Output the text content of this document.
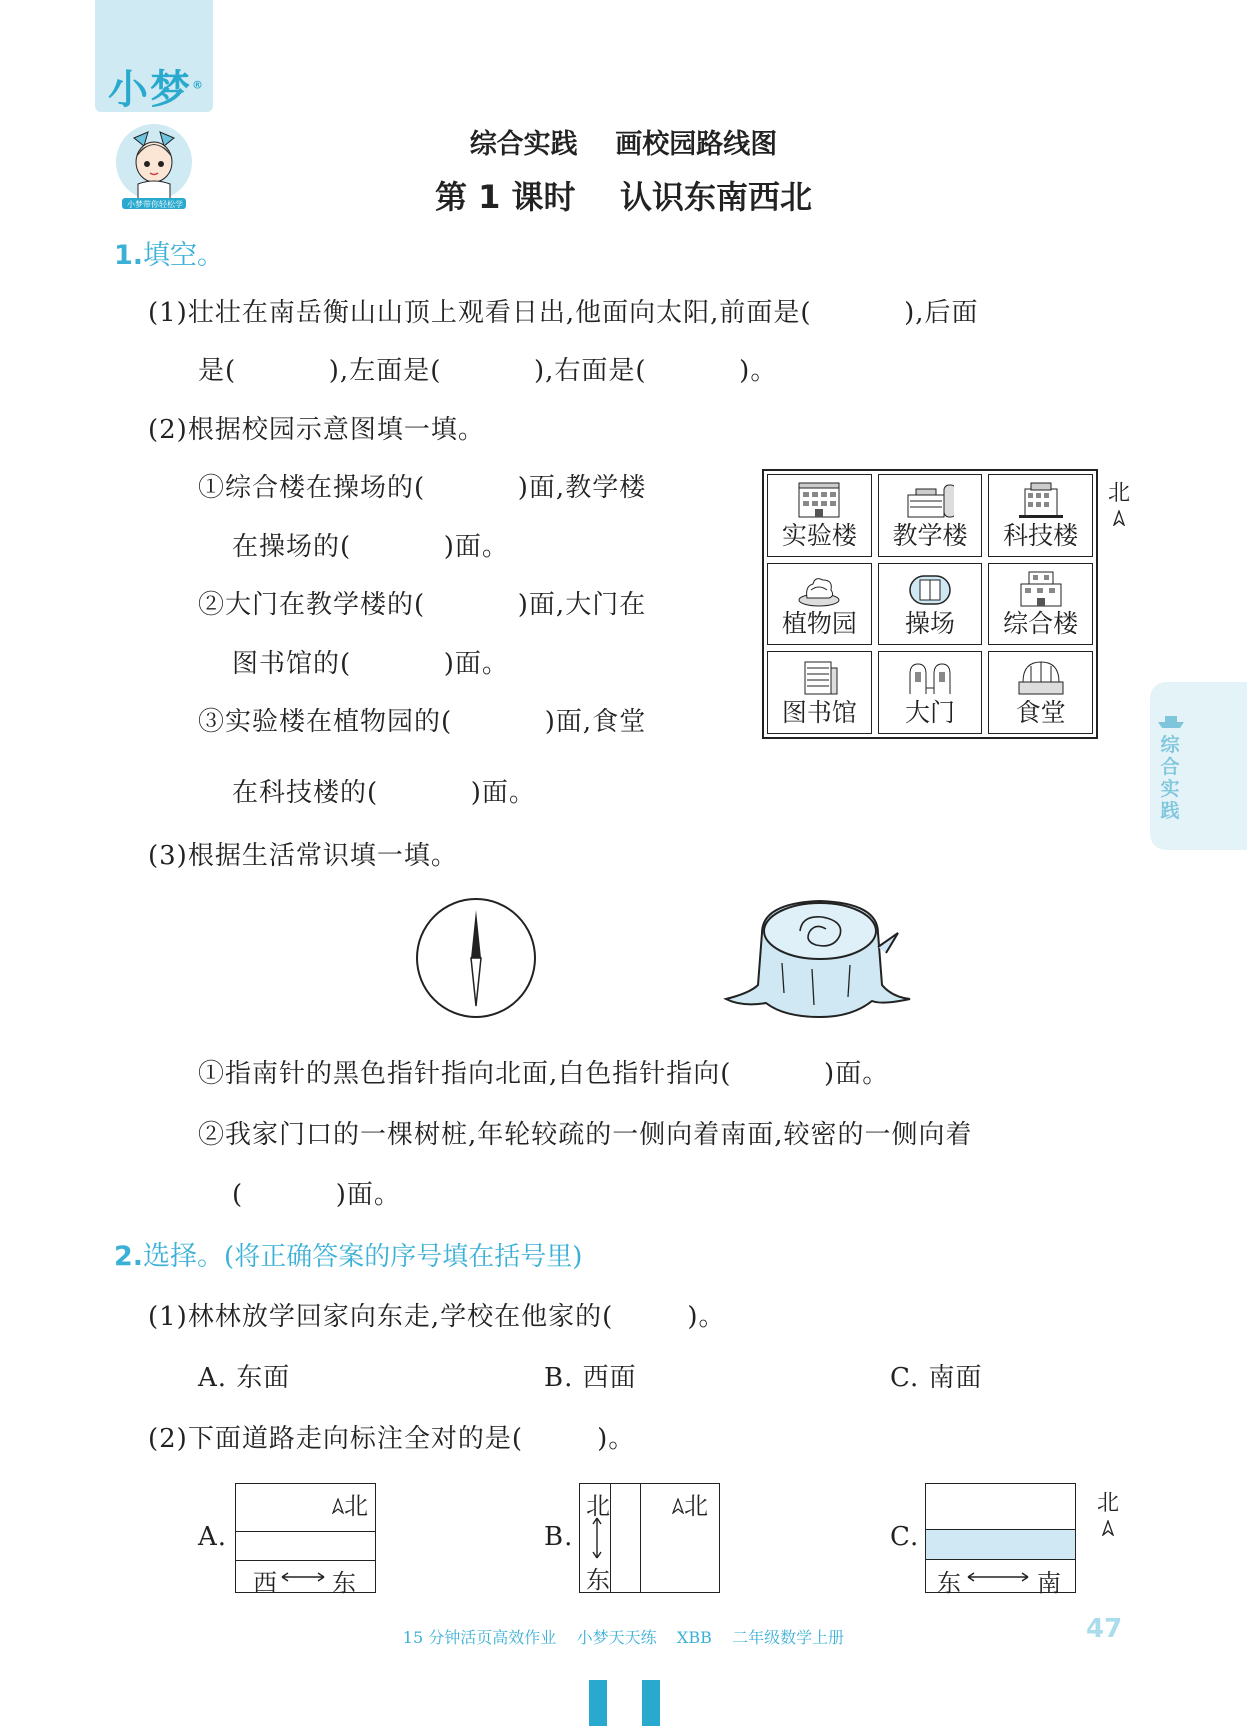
小梦®
小梦带你轻松学
综合实践    画校园路线图
第 1 课时    认识东南西北
综合实践
1.填空。
(1)壮壮在南岳衡山山顶上观看日出,他面向太阳,前面是(          ),后面
是(          ),左面是(          ),右面是(          )。
(2)根据校园示意图填一填。
①综合楼在操场的(          )面,教学楼
在操场的(          )面。
②大门在教学楼的(          )面,大门在
图书馆的(          )面。
③实验楼在植物园的(          )面,食堂
在科技楼的(          )面。
实验楼	教学楼	科技楼
植物园	操场	综合楼
图书馆	大门	食堂
北
(3)根据生活常识填一填。
①指南针的黑色指针指向北面,白色指针指向(          )面。
②我家门口的一棵树桩,年轮较疏的一侧向着南面,较密的一侧向着
(          )面。
2.选择。(将正确答案的序号填在括号里)
(1)林林放学回家向东走,学校在他家的(        )。
A. 东面	B. 西面	C. 南面
(2)下面道路走向标注全对的是(        )。
A.
北
西 东
B.
北
东
北
C.
东	南
北
15 分钟活页高效作业    小梦天天练    XBB    二年级数学上册	47
